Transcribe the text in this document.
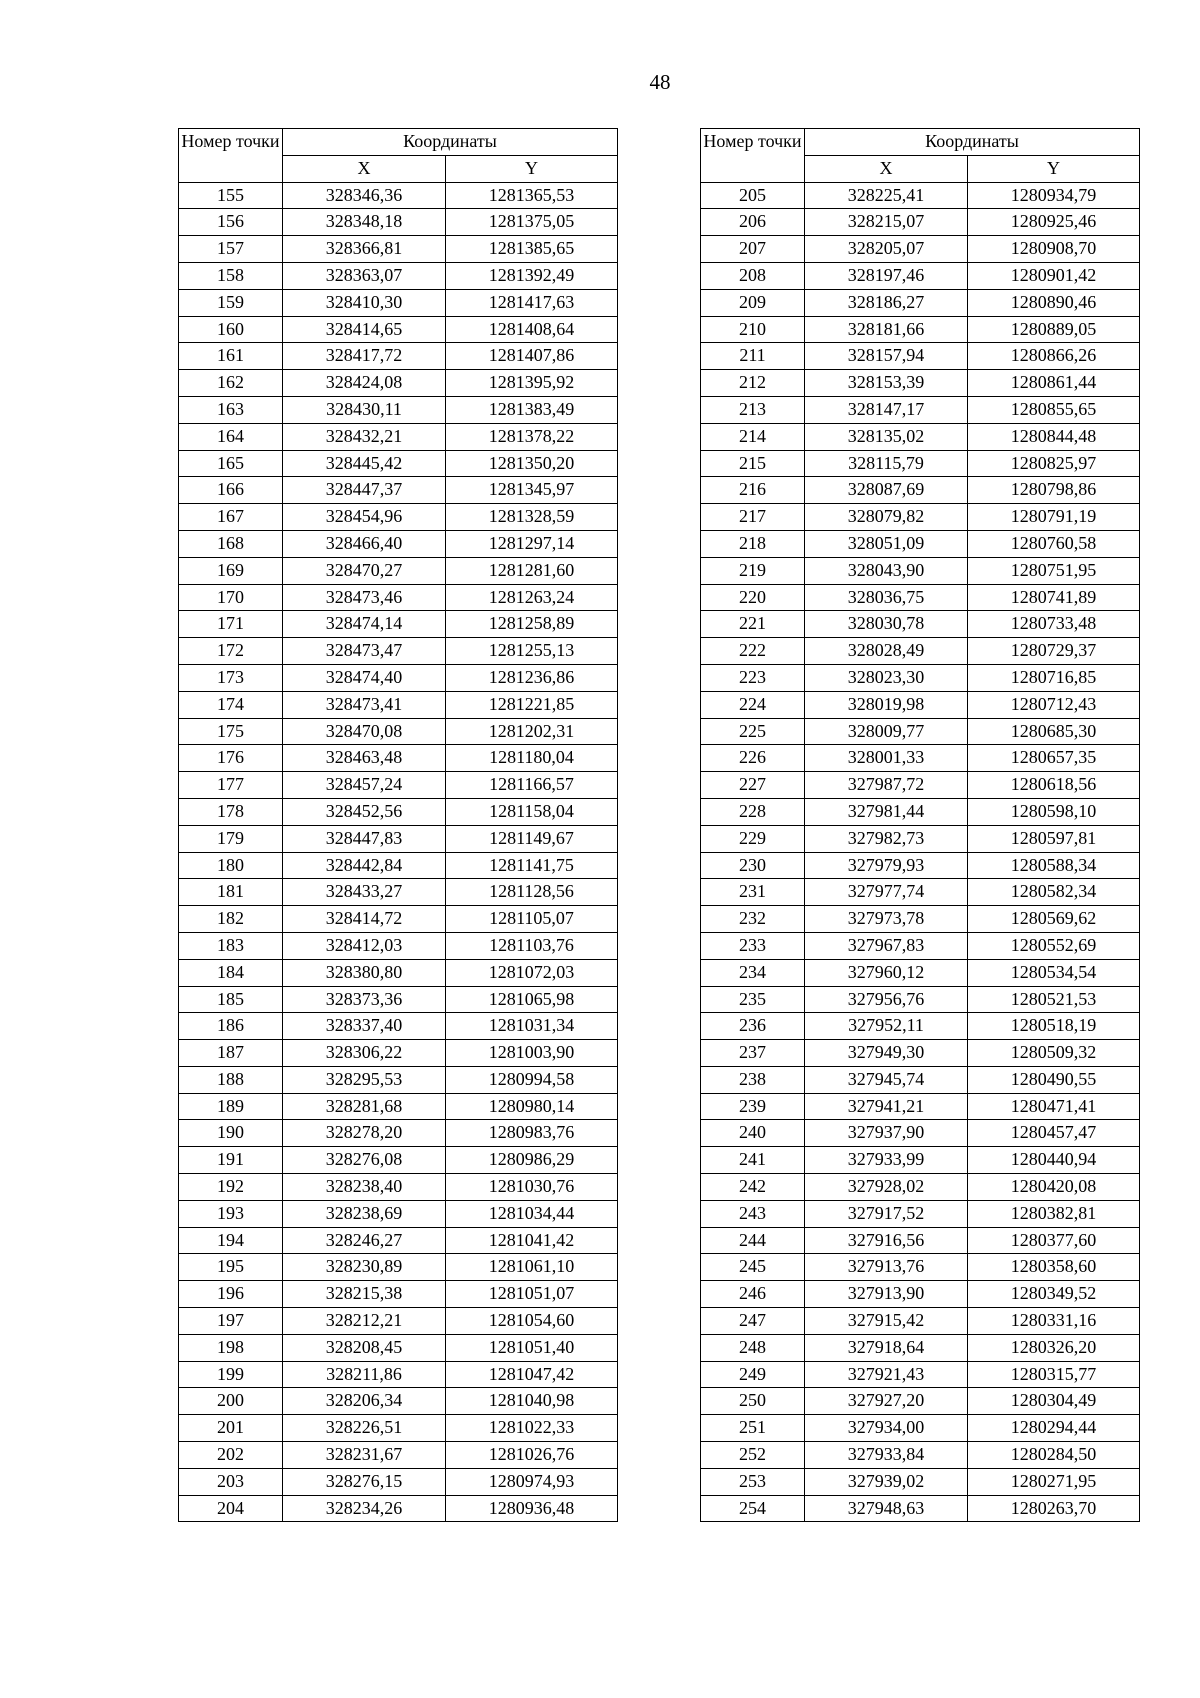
48
Номер точки	Координаты	
	X	Y
155	328346,36	1281365,53
156	328348,18	1281375,05
157	328366,81	1281385,65
158	328363,07	1281392,49
159	328410,30	1281417,63
160	328414,65	1281408,64
161	328417,72	1281407,86
162	328424,08	1281395,92
163	328430,11	1281383,49
164	328432,21	1281378,22
165	328445,42	1281350,20
166	328447,37	1281345,97
167	328454,96	1281328,59
168	328466,40	1281297,14
169	328470,27	1281281,60
170	328473,46	1281263,24
171	328474,14	1281258,89
172	328473,47	1281255,13
173	328474,40	1281236,86
174	328473,41	1281221,85
175	328470,08	1281202,31
176	328463,48	1281180,04
177	328457,24	1281166,57
178	328452,56	1281158,04
179	328447,83	1281149,67
180	328442,84	1281141,75
181	328433,27	1281128,56
182	328414,72	1281105,07
183	328412,03	1281103,76
184	328380,80	1281072,03
185	328373,36	1281065,98
186	328337,40	1281031,34
187	328306,22	1281003,90
188	328295,53	1280994,58
189	328281,68	1280980,14
190	328278,20	1280983,76
191	328276,08	1280986,29
192	328238,40	1281030,76
193	328238,69	1281034,44
194	328246,27	1281041,42
195	328230,89	1281061,10
196	328215,38	1281051,07
197	328212,21	1281054,60
198	328208,45	1281051,40
199	328211,86	1281047,42
200	328206,34	1281040,98
201	328226,51	1281022,33
202	328231,67	1281026,76
203	328276,15	1280974,93
204	328234,26	1280936,48
Номер точки	Координаты	
	X	Y
205	328225,41	1280934,79
206	328215,07	1280925,46
207	328205,07	1280908,70
208	328197,46	1280901,42
209	328186,27	1280890,46
210	328181,66	1280889,05
211	328157,94	1280866,26
212	328153,39	1280861,44
213	328147,17	1280855,65
214	328135,02	1280844,48
215	328115,79	1280825,97
216	328087,69	1280798,86
217	328079,82	1280791,19
218	328051,09	1280760,58
219	328043,90	1280751,95
220	328036,75	1280741,89
221	328030,78	1280733,48
222	328028,49	1280729,37
223	328023,30	1280716,85
224	328019,98	1280712,43
225	328009,77	1280685,30
226	328001,33	1280657,35
227	327987,72	1280618,56
228	327981,44	1280598,10
229	327982,73	1280597,81
230	327979,93	1280588,34
231	327977,74	1280582,34
232	327973,78	1280569,62
233	327967,83	1280552,69
234	327960,12	1280534,54
235	327956,76	1280521,53
236	327952,11	1280518,19
237	327949,30	1280509,32
238	327945,74	1280490,55
239	327941,21	1280471,41
240	327937,90	1280457,47
241	327933,99	1280440,94
242	327928,02	1280420,08
243	327917,52	1280382,81
244	327916,56	1280377,60
245	327913,76	1280358,60
246	327913,90	1280349,52
247	327915,42	1280331,16
248	327918,64	1280326,20
249	327921,43	1280315,77
250	327927,20	1280304,49
251	327934,00	1280294,44
252	327933,84	1280284,50
253	327939,02	1280271,95
254	327948,63	1280263,70
